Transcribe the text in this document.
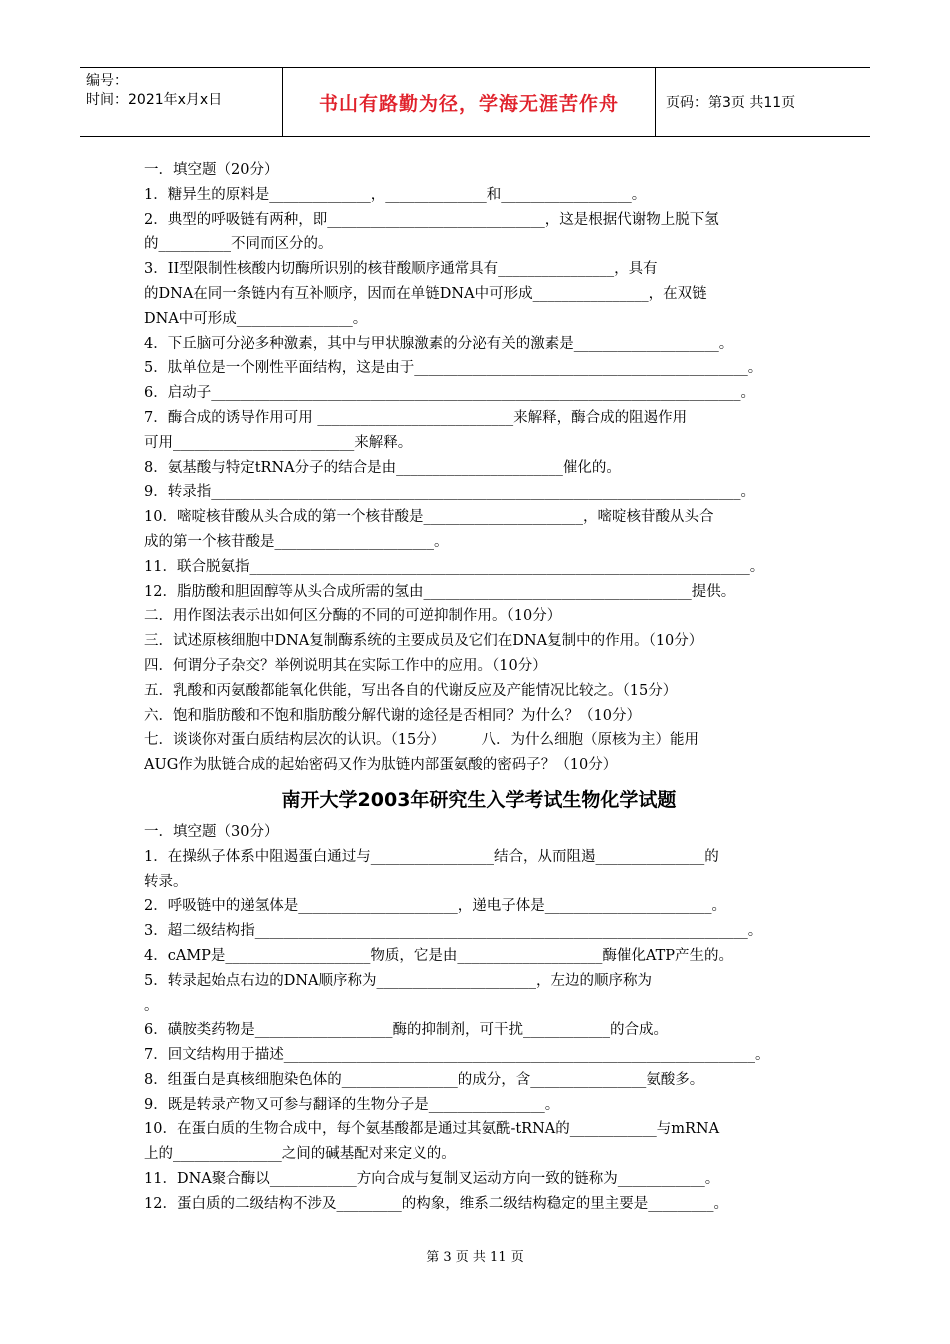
编号：
时间：2021年x月x日	书山有路勤为径，学海无涯苦作舟	页码：第3页 共11页

一．填空题（20分）

1．糖异生的原料是______________，______________和__________________。

2．典型的呼吸链有两种，即______________________________，这是根据代谢物上脱下氢

的__________不同而区分的。

3．II型限制性核酸内切酶所识别的核苷酸顺序通常具有________________，具有

的DNA在同一条链内有互补顺序，因而在单链DNA中可形成________________，在双链

DNA中可形成________________。

4．下丘脑可分泌多种激素，其中与甲状腺激素的分泌有关的激素是____________________。

5．肽单位是一个刚性平面结构，这是由于______________________________________________。

6．启动子_________________________________________________________________________。

7．酶合成的诱导作用可用 ___________________________来解释，酶合成的阻遏作用

可用_________________________来解释。

8．氨基酸与特定tRNA分子的结合是由_______________________催化的。

9．转录指_________________________________________________________________________。

10．嘧啶核苷酸从头合成的第一个核苷酸是______________________，嘧啶核苷酸从头合

成的第一个核苷酸是______________________。

11．联合脱氨指_____________________________________________________________________。

12．脂肪酸和胆固醇等从头合成所需的氢由_____________________________________提供。

二．用作图法表示出如何区分酶的不同的可逆抑制作用。（10分）

三．试述原核细胞中DNA复制酶系统的主要成员及它们在DNA复制中的作用。（10分）

四．何谓分子杂交？举例说明其在实际工作中的应用。（10分）

五．乳酸和丙氨酸都能氧化供能，写出各自的代谢反应及产能情况比较之。（15分）

六．饱和脂肪酸和不饱和脂肪酸分解代谢的途径是否相同？为什么？（10分）

七．谈谈你对蛋白质结构层次的认识。（15分）　　　八．为什么细胞（原核为主）能用

AUG作为肽链合成的起始密码又作为肽链内部蛋氨酸的密码子？（10分）

南开大学2003年研究生入学考试生物化学试题

一．填空题（30分）

1．在操纵子体系中阻遏蛋白通过与_________________结合，从而阻遏_______________的

转录。

2．呼吸链中的递氢体是______________________，递电子体是_______________________。

3．超二级结构指____________________________________________________________________。

4．cAMP是____________________物质，它是由____________________酶催化ATP产生的。

5．转录起始点右边的DNA顺序称为______________________，左边的顺序称为

。

6．磺胺类药物是___________________酶的抑制剂，可干扰____________的合成。

7．回文结构用于描述_________________________________________________________________。

8．组蛋白是真核细胞染色体的________________的成分，含________________氨酸多。

9．既是转录产物又可参与翻译的生物分子是________________。

10．在蛋白质的生物合成中，每个氨基酸都是通过其氨酰-tRNA的____________与mRNA

上的_______________之间的碱基配对来定义的。

11．DNA聚合酶以____________方向合成与复制叉运动方向一致的链称为____________。

12．蛋白质的二级结构不涉及_________的构象，维系二级结构稳定的里主要是_________。

第 3 页 共 11 页
